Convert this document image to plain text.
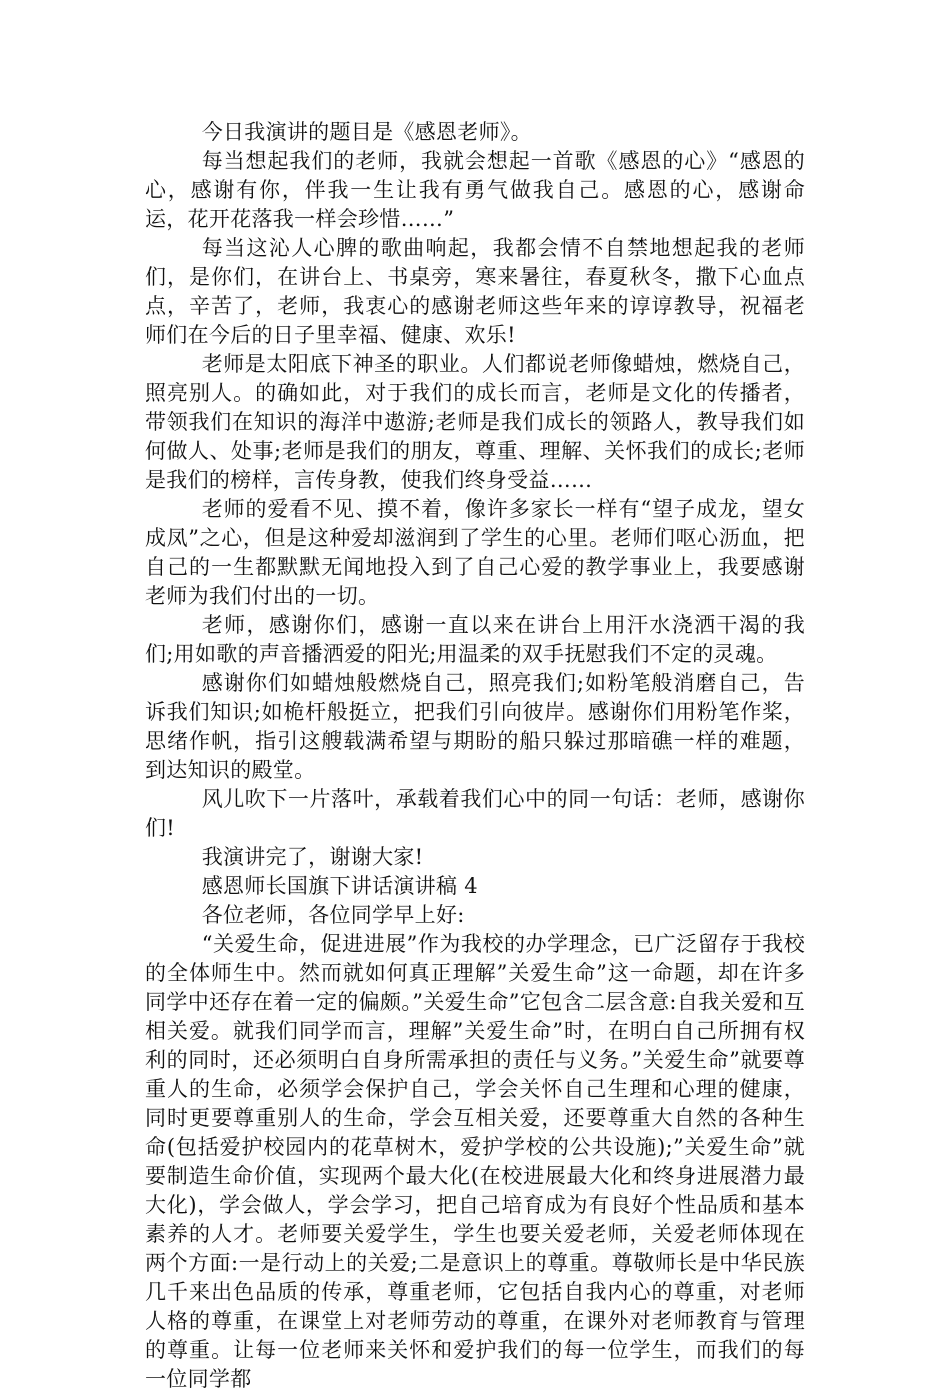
今日我演讲的题目是《感恩老师》。

每当想起我们的老师，我就会想起一首歌《感恩的心》“感恩的心，感谢有你，伴我一生让我有勇气做我自己。感恩的心，感谢命运，花开花落我一样会珍惜……”

每当这沁人心脾的歌曲响起，我都会情不自禁地想起我的老师们，是你们，在讲台上、书桌旁，寒来暑往，春夏秋冬，撒下心血点点，辛苦了，老师，我衷心的感谢老师这些年来的谆谆教导，祝福老师们在今后的日子里幸福、健康、欢乐!

老师是太阳底下神圣的职业。人们都说老师像蜡烛，燃烧自己，照亮别人。的确如此，对于我们的成长而言，老师是文化的传播者，带领我们在知识的海洋中遨游;老师是我们成长的领路人，教导我们如何做人、处事;老师是我们的朋友，尊重、理解、关怀我们的成长;老师是我们的榜样，言传身教，使我们终身受益……

老师的爱看不见、摸不着，像许多家长一样有“望子成龙，望女成凤”之心，但是这种爱却滋润到了学生的心里。老师们呕心沥血，把自己的一生都默默无闻地投入到了自己心爱的教学事业上，我要感谢老师为我们付出的一切。

老师，感谢你们，感谢一直以来在讲台上用汗水浇洒干渴的我们;用如歌的声音播洒爱的阳光;用温柔的双手抚慰我们不定的灵魂。

感谢你们如蜡烛般燃烧自己，照亮我们;如粉笔般消磨自己，告诉我们知识;如桅杆般挺立，把我们引向彼岸。感谢你们用粉笔作桨，思绪作帆，指引这艘载满希望与期盼的船只躲过那暗礁一样的难题，到达知识的殿堂。

风儿吹下一片落叶，承载着我们心中的同一句话：老师，感谢你们!

我演讲完了，谢谢大家!

感恩师长国旗下讲话演讲稿 4

各位老师，各位同学早上好:

“关爱生命，促进进展”作为我校的办学理念，已广泛留存于我校的全体师生中。然而就如何真正理解”关爱生命”这一命题，却在许多同学中还存在着一定的偏颇。”关爱生命”它包含二层含意:自我关爱和互相关爱。就我们同学而言，理解”关爱生命”时，在明白自己所拥有权利的同时，还必须明白自身所需承担的责任与义务。”关爱生命”就要尊重人的生命，必须学会保护自己，学会关怀自己生理和心理的健康，同时更要尊重别人的生命，学会互相关爱，还要尊重大自然的各种生命(包括爱护校园内的花草树木，爱护学校的公共设施);”关爱生命”就要制造生命价值，实现两个最大化(在校进展最大化和终身进展潜力最大化)，学会做人，学会学习，把自己培育成为有良好个性品质和基本素养的人才。老师要关爱学生，学生也要关爱老师，关爱老师体现在两个方面:一是行动上的关爱;二是意识上的尊重。尊敬师长是中华民族几千来出色品质的传承，尊重老师，它包括自我内心的尊重，对老师人格的尊重，在课堂上对老师劳动的尊重，在课外对老师教育与管理的尊重。让每一位老师来关怀和爱护我们的每一位学生，而我们的每一位同学都
